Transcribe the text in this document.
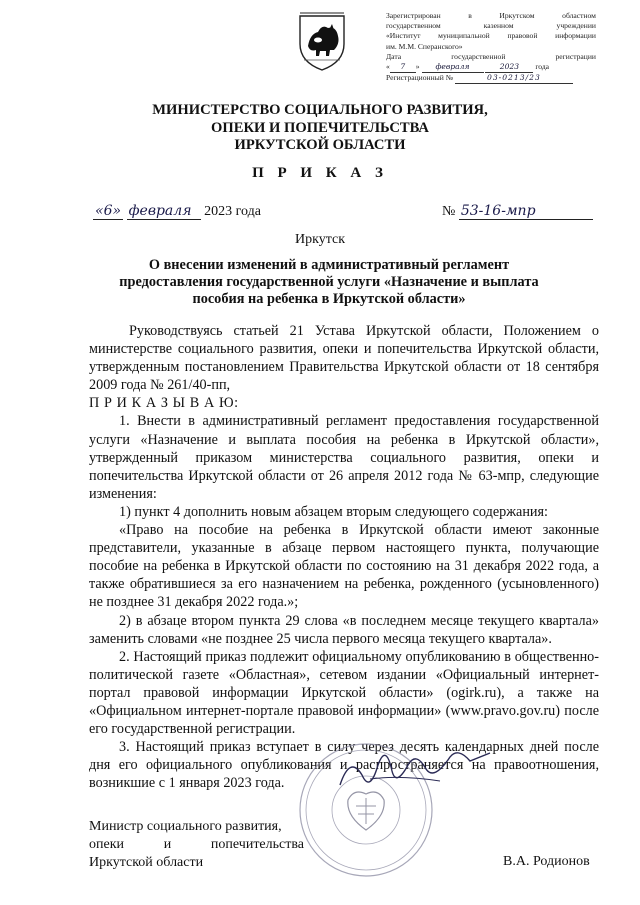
Зарегистрирован в Иркутском областном
государственном казенном учреждении
«Институт муниципальной правовой информации
им. М.М. Сперанского»
Дата государственной регистрации
« 7 » февраля	2023 года
Регистрационный №	03-0213/23
МИНИСТЕРСТВО СОЦИАЛЬНОГО РАЗВИТИЯ,
ОПЕКИ И ПОПЕЧИТЕЛЬСТВА
ИРКУТСКОЙ ОБЛАСТИ
П Р И К А З
«6» февраля 2023 года	№ 53-16-мпр
Иркутск
О внесении изменений в административный регламент предоставления государственной услуги «Назначение и выплата пособия на ребенка в Иркутской области»

Руководствуясь статьей 21 Устава Иркутской области, Положением о министерстве социального развития, опеки и попечительства Иркутской области, утвержденным постановлением Правительства Иркутской области от 18 сентября 2009 года № 261/40-пп,

П Р И К А З Ы В А Ю:

1. Внести в административный регламент предоставления государственной услуги «Назначение и выплата пособия на ребенка в Иркутской области», утвержденный приказом министерства социального развития, опеки и попечительства Иркутской области от 26 апреля 2012 года № 63-мпр, следующие изменения:

1) пункт 4 дополнить новым абзацем вторым следующего содержания:

«Право на пособие на ребенка в Иркутской области имеют законные представители, указанные в абзаце первом настоящего пункта, получающие пособие на ребенка в Иркутской области по состоянию на 31 декабря 2022 года, а также обратившиеся за его назначением на ребенка, рожденного (усыновленного) не позднее 31 декабря 2022 года.»;

2) в абзаце втором пункта 29 слова «в последнем месяце текущего квартала» заменить словами «не позднее 25 числа первого месяца текущего квартала».

2. Настоящий приказ подлежит официальному опубликованию в общественно-политической газете «Областная», сетевом издании «Официальный интернет-портал правовой информации Иркутской области» (ogirk.ru), а также на «Официальном интернет-портале правовой информации» (www.pravo.gov.ru) после его государственной регистрации.

3. Настоящий приказ вступает в силу через десять календарных дней после дня его официального опубликования и распространяется на правоотношения, возникшие с 1 января 2023 года.

Министр социального развития,
опеки и попечительства
Иркутской области	В.А. Родионов
